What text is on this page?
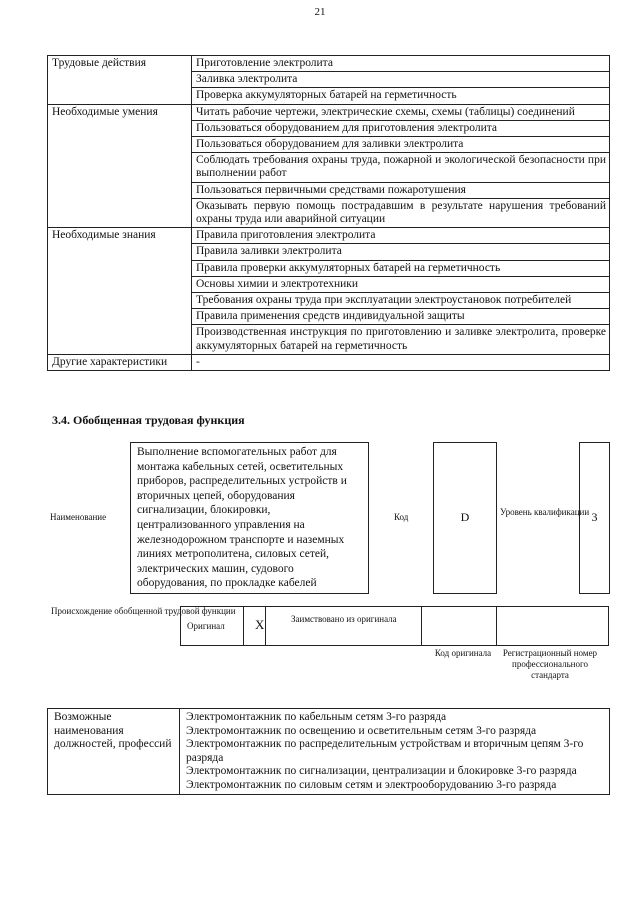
21
Трудовые действия	Приготовление электролита
	Заливка электролита
	Проверка аккумуляторных батарей на герметичность
Необходимые умения	Читать рабочие чертежи, электрические схемы, схемы (таблицы) соединений
	Пользоваться оборудованием для приготовления электролита
	Пользоваться оборудованием для заливки электролита
	Соблюдать требования охраны труда, пожарной и экологической безопасности при выполнении работ
	Пользоваться первичными средствами пожаротушения
	Оказывать первую помощь пострадавшим в результате нарушения требований охраны труда или аварийной ситуации
Необходимые знания	Правила приготовления электролита
	Правила заливки электролита
	Правила проверки аккумуляторных батарей на герметичность
	Основы химии и электротехники
	Требования охраны труда при эксплуатации электроустановок потребителей
	Правила применения средств индивидуальной защиты
	Производственная инструкция по приготовлению и заливке электролита, проверке аккумуляторных батарей на герметичность
Другие характеристики	-
3.4. Обобщенная трудовая функция
Наименование
Выполнение вспомогательных работ для монтажа кабельных сетей, осветительных приборов, распределительных устройств и вторичных цепей, оборудования сигнализации, блокировки, централизованного управления на железнодорожном транспорте и наземных линиях метрополитена, силовых сетей, электрических машин, судового оборудования, по прокладке кабелей
Код	D	Уровень квалификации 3
Происхождение обобщенной трудовой функции
Оригинал X	Заимствовано из оригинала
Код оригинала	Регистрационный номер профессионального стандарта
Возможные наименования должностей, профессий	
Электромонтажник по кабельным сетям 3-го разряда
Электромонтажник по освещению и осветительным сетям 3-го разряда
Электромонтажник по распределительным устройствам и вторичным цепям 3-го разряда
Электромонтажник по сигнализации, централизации и блокировке 3-го разряда
Электромонтажник по силовым сетям и электрооборудованию 3-го разряда
